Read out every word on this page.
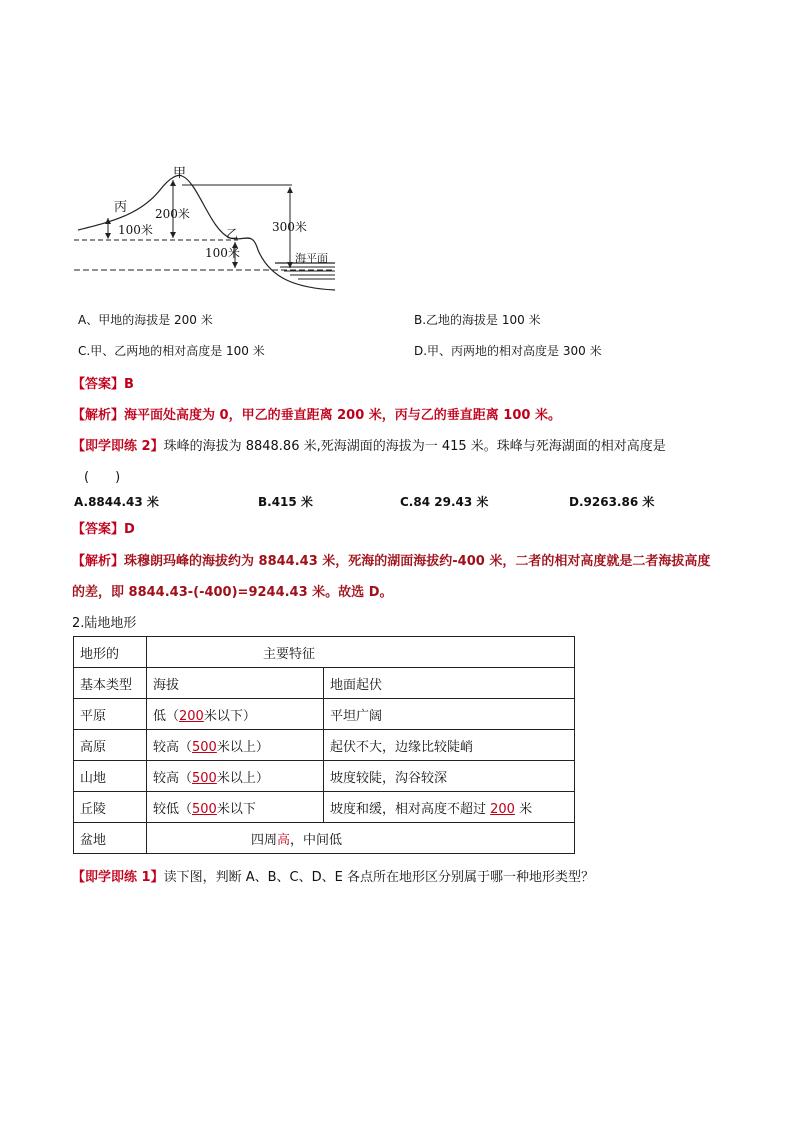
甲
丙 200米
100米	乙
100米
300米
海平面
A、甲地的海拔是 200 米	B.乙地的海拔是 100 米
C.甲、乙两地的相对高度是 100 米	D.甲、丙两地的相对高度是 300 米
【答案】B
【解析】海平面处高度为 0，甲乙的垂直距离 200 米，丙与乙的垂直距离 100 米。
【即学即练 2】珠峰的海拔为 8848.86 米,死海湖面的海拔为一 415 米。珠峰与死海湖面的相对高度是
(　　)
A.8844.43 米	B.415 米	C.84 29.43 米	D.9263.86 米
【答案】D
【解析】珠穆朗玛峰的海拔约为 8844.43 米，死海的湖面海拔约-400 米，二者的相对高度就是二者海拔高度
的差，即 8844.43-(-400)=9244.43 米。故选 D。
2.陆地地形
地形的	主要特征	
基本类型	海拔	地面起伏
平原	低（200米以下）	平坦广阔
高原	较高（500米以上）	起伏不大，边缘比较陡峭
山地	较高（500米以上）	坡度较陡，沟谷较深
丘陵	较低（500米以下	坡度和缓，相对高度不超过 200 米
盆地	四周高，中间低	
【即学即练 1】读下图，判断 A、B、C、D、E 各点所在地形区分别属于哪一种地形类型？
